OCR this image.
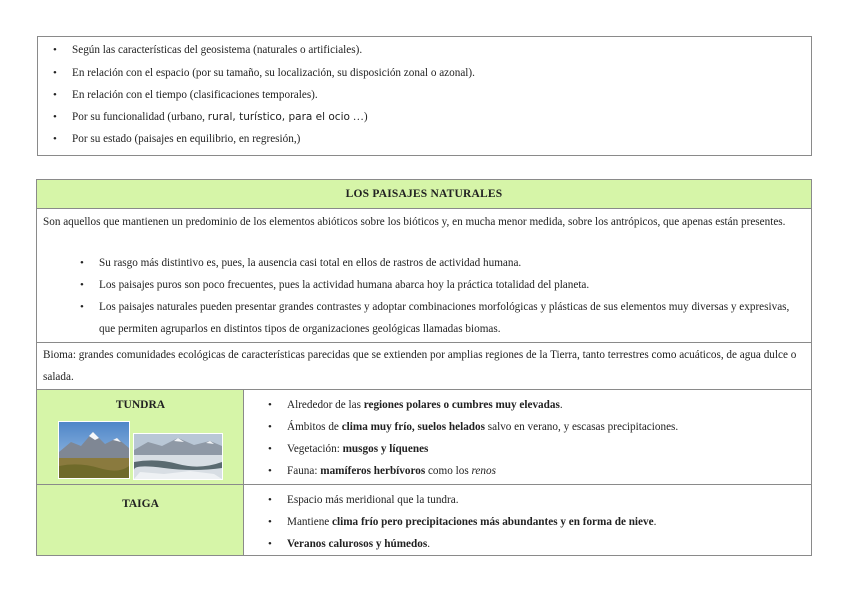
• Según las características del geosistema (naturales o artificiales).
• En relación con el espacio (por su tamaño, su localización, su disposición zonal o azonal).
• En relación con el tiempo (clasificaciones temporales).
• Por su funcionalidad (urbano, rural, turístico, para el ocio …)
• Por su estado (paisajes en equilibrio, en regresión,)
LOS PAISAJES NATURALES
Son aquellos que mantienen un predominio de los elementos abióticos sobre los bióticos y, en mucha menor medida, sobre los antrópicos, que apenas están presentes.
• Su rasgo más distintivo es, pues, la ausencia casi total en ellos de rastros de actividad humana.
• Los paisajes puros son poco frecuentes, pues la actividad humana abarca hoy la práctica totalidad del planeta.
• Los paisajes naturales pueden presentar grandes contrastes y adoptar combinaciones morfológicas y plásticas de sus elementos muy diversas y expresivas, que permiten agruparlos en distintos tipos de organizaciones geológicas llamadas biomas.
Bioma: grandes comunidades ecológicas de características parecidas que se extienden por amplias regiones de la Tierra, tanto terrestres como acuáticos, de agua dulce o salada.
TUNDRA	• Alrededor de las regiones polares o cumbres muy elevadas.
• Ámbitos de clima muy frío, suelos helados salvo en verano, y escasas precipitaciones.
• Vegetación: musgos y líquenes
• Fauna: mamíferos herbívoros como los renos
TAIGA	• Espacio más meridional que la tundra.
• Mantiene clima frío pero precipitaciones más abundantes y en forma de nieve.
• Veranos calurosos y húmedos.
